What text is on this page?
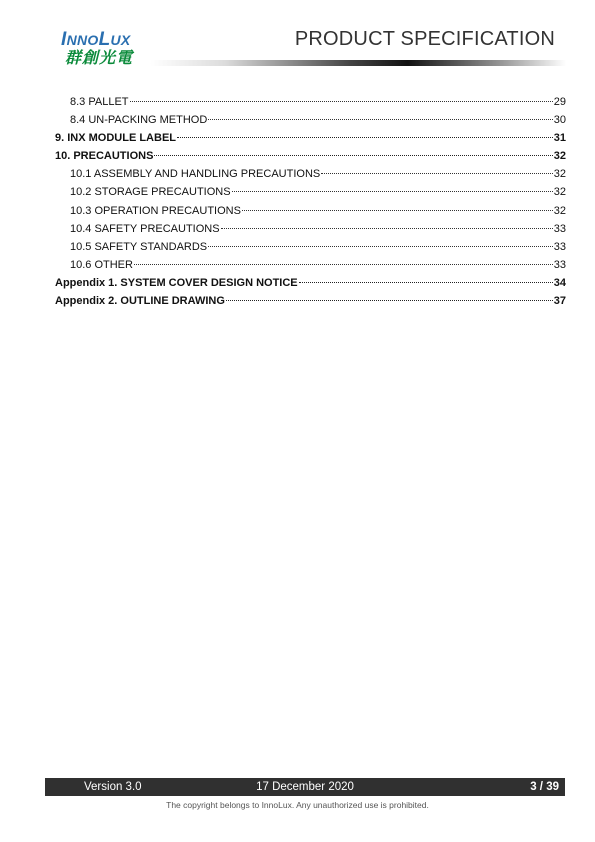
INNOLUX
群創光電
PRODUCT SPECIFICATION
8.3 PALLET	29
8.4 UN-PACKING METHOD	30
9. INX MODULE LABEL	31
10. PRECAUTIONS	32
10.1 ASSEMBLY AND HANDLING PRECAUTIONS	32
10.2 STORAGE PRECAUTIONS	32
10.3 OPERATION PRECAUTIONS	32
10.4 SAFETY PRECAUTIONS	33
10.5 SAFETY STANDARDS	33
10.6 OTHER	33
Appendix 1. SYSTEM COVER DESIGN NOTICE	34
Appendix 2. OUTLINE DRAWING	37
Version 3.0	17 December 2020	3 / 39
The copyright belongs to InnoLux. Any unauthorized use is prohibited.
